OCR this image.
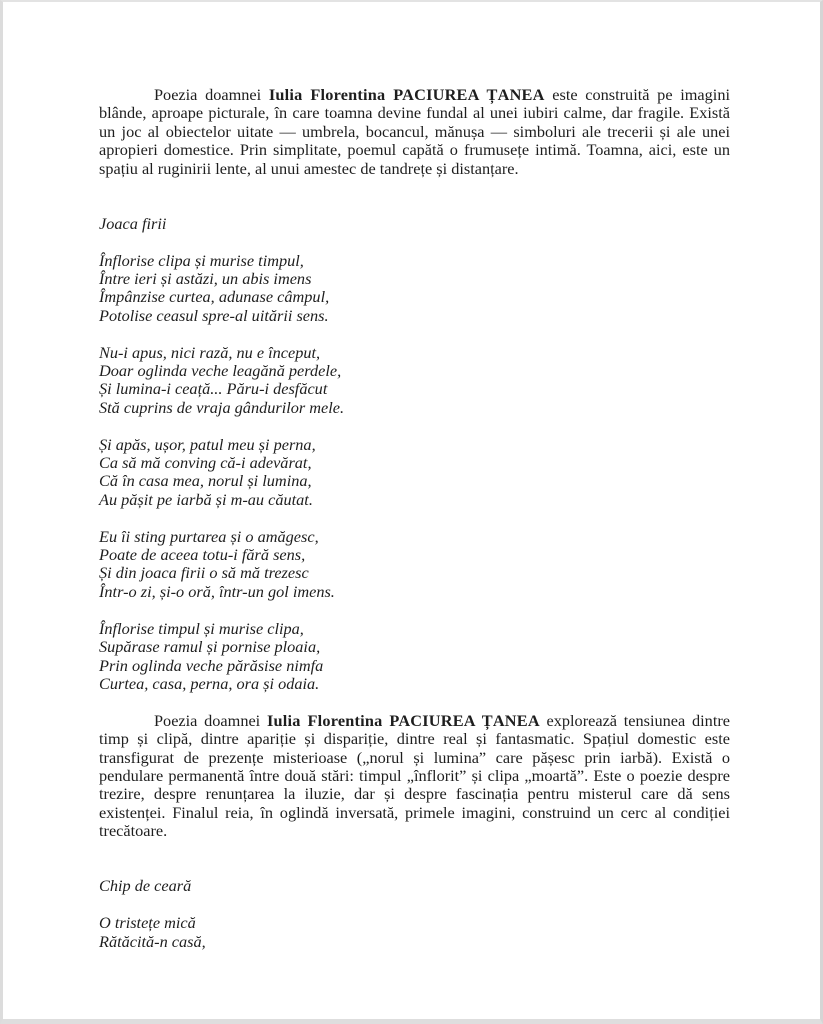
Poezia doamnei Iulia Florentina PACIUREA ȚANEA este construită pe imagini blânde, aproape picturale, în care toamna devine fundal al unei iubiri calme, dar fragile. Există un joc al obiectelor uitate — umbrela, bocancul, mănușa — simboluri ale trecerii și ale unei apropieri domestice. Prin simplitate, poemul capătă o frumusețe intimă. Toamna, aici, este un spațiu al ruginirii lente, al unui amestec de tandrețe și distanțare.

Joaca firii
Înflorise clipa și murise timpul,
Între ieri și astăzi, un abis imens
Împânzise curtea, adunase câmpul,
Potolise ceasul spre-al uitării sens.
Nu-i apus, nici rază, nu e început,
Doar oglinda veche leagănă perdele,
Și lumina-i ceață... Păru-i desfăcut
Stă cuprins de vraja gândurilor mele.
Și apăs, ușor, patul meu și perna,
Ca să mă conving că-i adevărat,
Că în casa mea, norul și lumina,
Au pășit pe iarbă și m-au căutat.
Eu îi sting purtarea și o amăgesc,
Poate de aceea totu-i fără sens,
Și din joaca firii o să mă trezesc
Într-o zi, și-o oră, într-un gol imens.
Înflorise timpul și murise clipa,
Supărase ramul și pornise ploaia,
Prin oglinda veche părăsise nimfa
Curtea, casa, perna, ora și odaia.

Poezia doamnei Iulia Florentina PACIUREA ȚANEA explorează tensiunea dintre timp și clipă, dintre apariție și dispariție, dintre real și fantasmatic. Spațiul domestic este transfigurat de prezențe misterioase („norul și lumina” care pășesc prin iarbă). Există o pendulare permanentă între două stări: timpul „înflorit” și clipa „moartă”. Este o poezie despre trezire, despre renunțarea la iluzie, dar și despre fascinația pentru misterul care dă sens existenței. Finalul reia, în oglindă inversată, primele imagini, construind un cerc al condiției trecătoare.

Chip de ceară
O tristețe mică
Rătăcită-n casă,
